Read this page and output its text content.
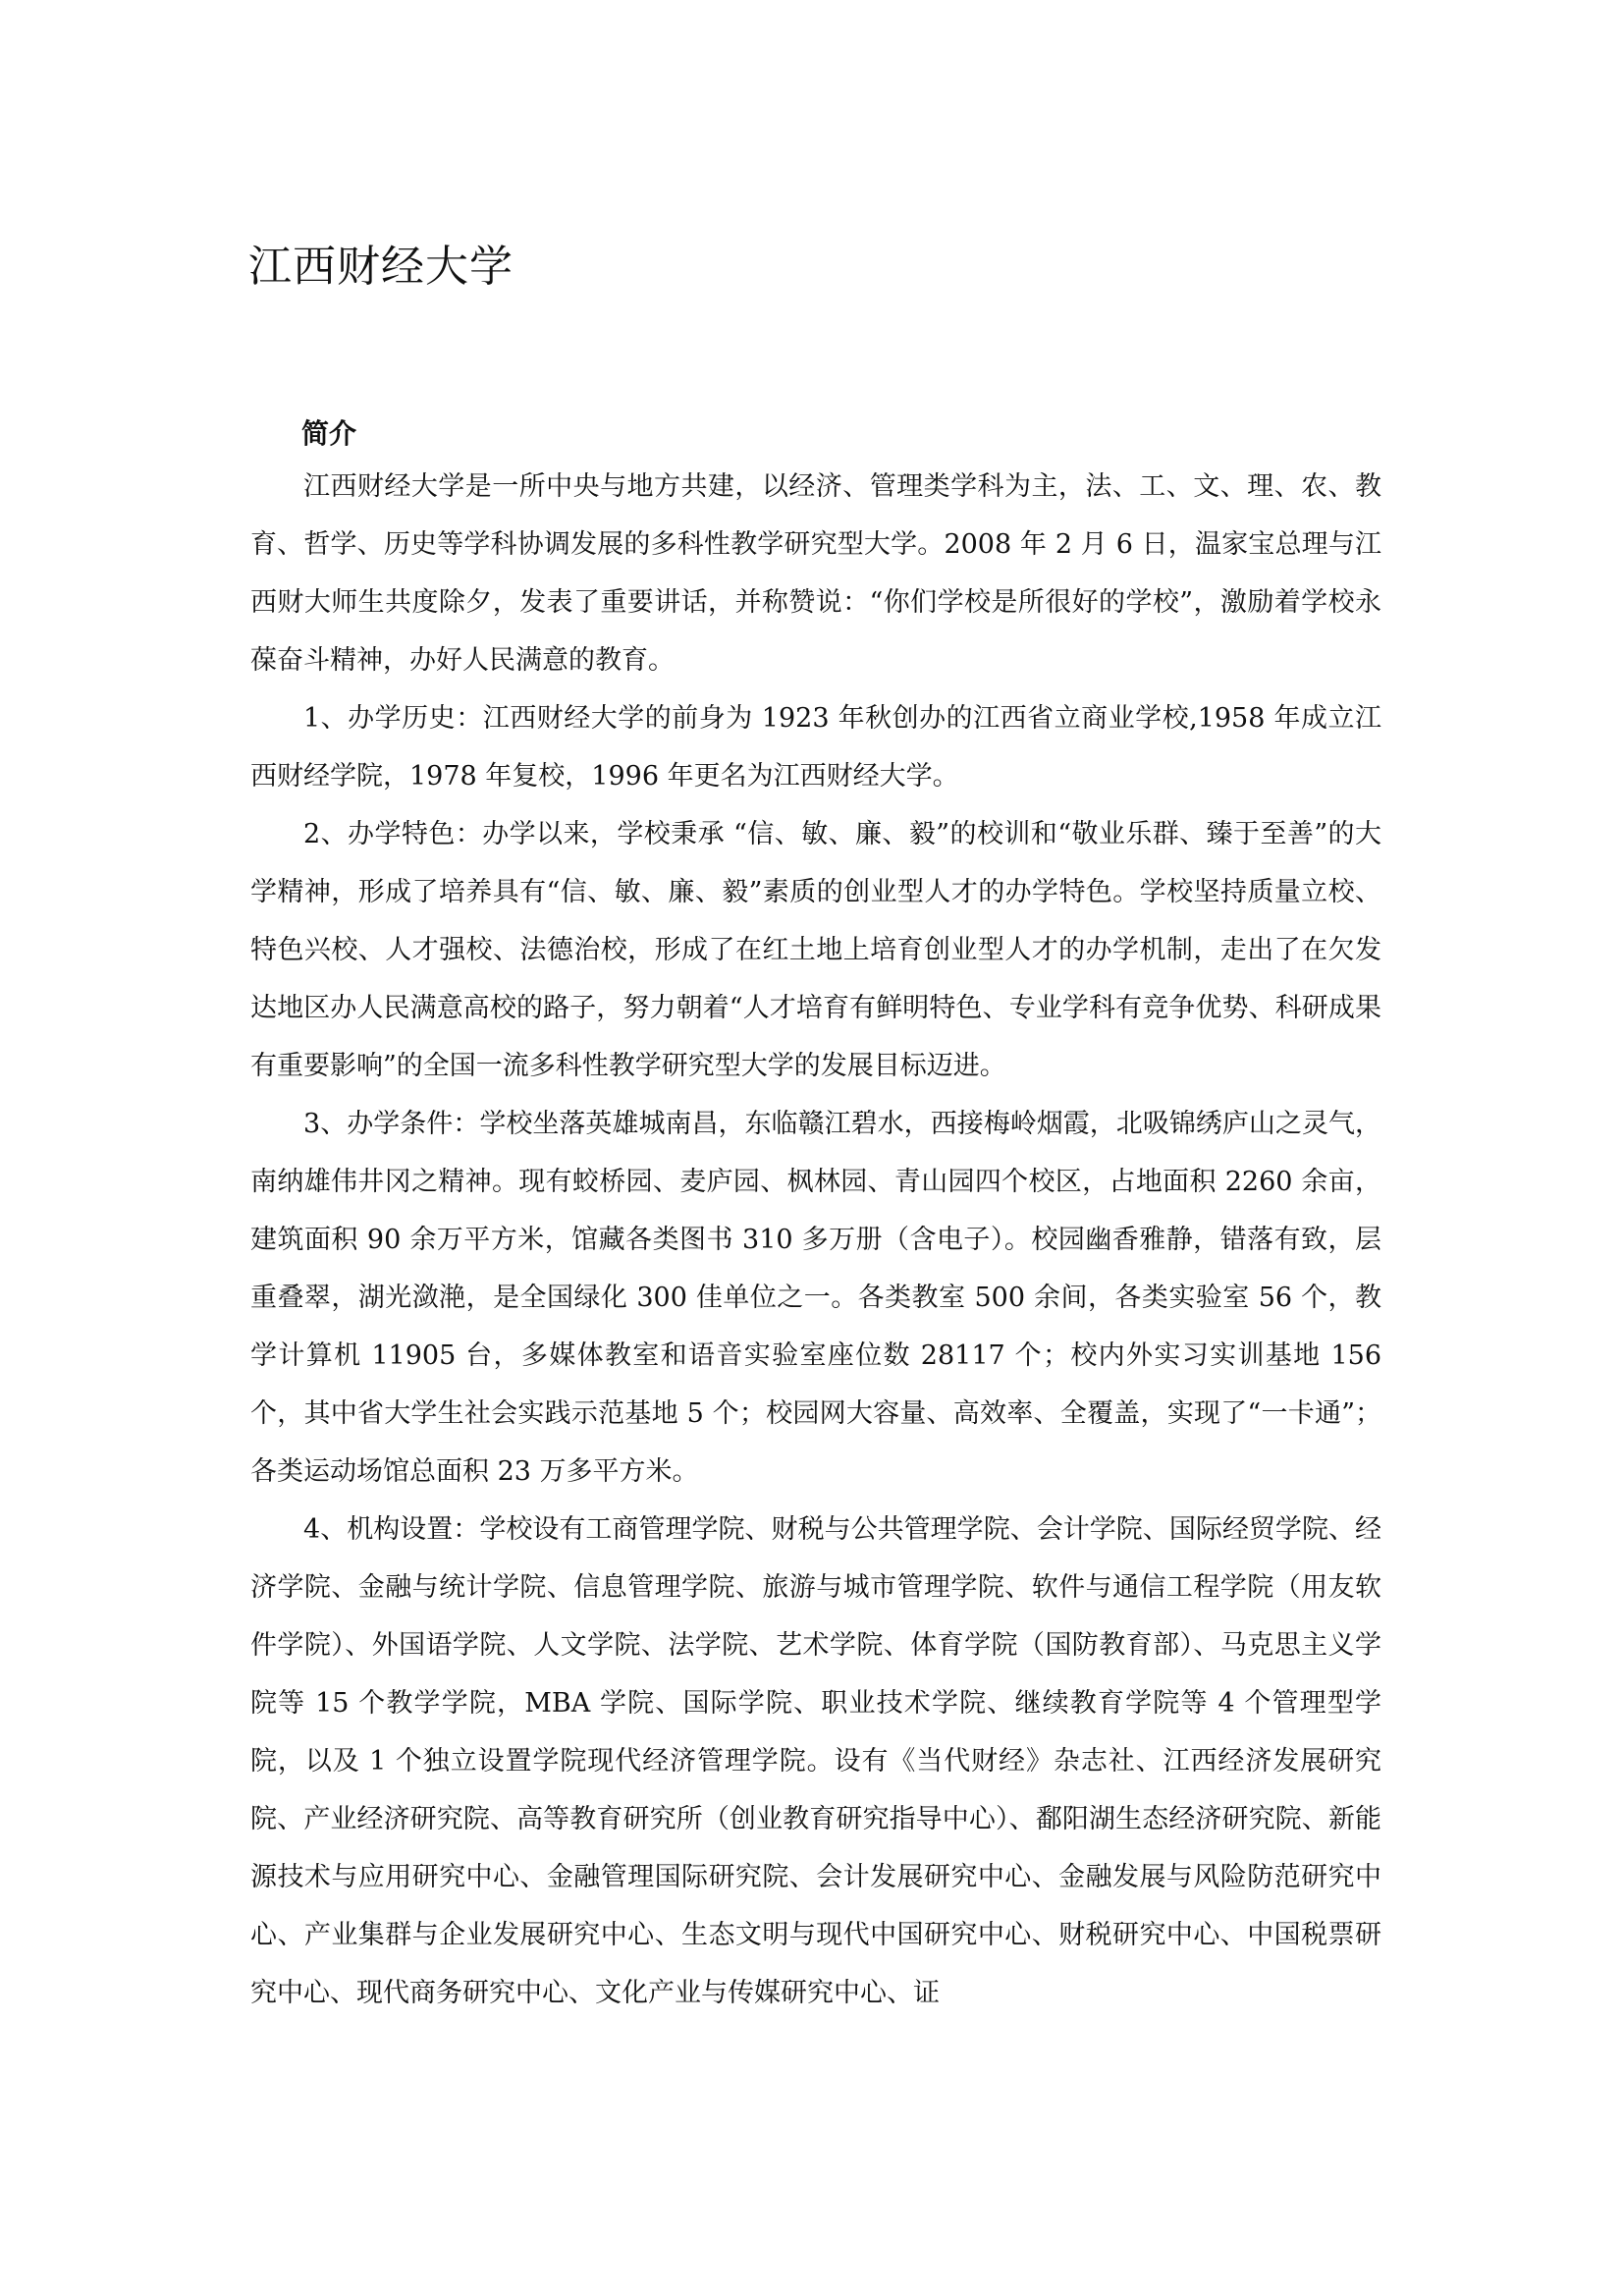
江西财经大学
简介

江西财经大学是一所中央与地方共建，以经济、管理类学科为主，法、工、文、理、农、教育、哲学、历史等学科协调发展的多科性教学研究型大学。2008 年 2 月 6 日，温家宝总理与江西财大师生共度除夕，发表了重要讲话，并称赞说：“你们学校是所很好的学校”，激励着学校永葆奋斗精神，办好人民满意的教育。

1、办学历史：江西财经大学的前身为 1923 年秋创办的江西省立商业学校,1958 年成立江西财经学院，1978 年复校，1996 年更名为江西财经大学。

2、办学特色：办学以来，学校秉承 “信、敏、廉、毅”的校训和“敬业乐群、臻于至善”的大学精神，形成了培养具有“信、敏、廉、毅”素质的创业型人才的办学特色。学校坚持质量立校、特色兴校、人才强校、法德治校，形成了在红土地上培育创业型人才的办学机制，走出了在欠发达地区办人民满意高校的路子，努力朝着“人才培育有鲜明特色、专业学科有竞争优势、科研成果有重要影响”的全国一流多科性教学研究型大学的发展目标迈进。

3、办学条件：学校坐落英雄城南昌，东临赣江碧水，西接梅岭烟霞，北吸锦绣庐山之灵气，南纳雄伟井冈之精神。现有蛟桥园、麦庐园、枫林园、青山园四个校区，占地面积 2260 余亩，建筑面积 90 余万平方米，馆藏各类图书 310 多万册（含电子）。校园幽香雅静，错落有致，层重叠翠，湖光潋滟，是全国绿化 300 佳单位之一。各类教室 500 余间，各类实验室 56 个，教学计算机 11905 台，多媒体教室和语音实验室座位数 28117 个；校内外实习实训基地 156 个，其中省大学生社会实践示范基地 5 个；校园网大容量、高效率、全覆盖，实现了“一卡通”；各类运动场馆总面积 23 万多平方米。

4、机构设置：学校设有工商管理学院、财税与公共管理学院、会计学院、国际经贸学院、经济学院、金融与统计学院、信息管理学院、旅游与城市管理学院、软件与通信工程学院（用友软件学院）、外国语学院、人文学院、法学院、艺术学院、体育学院（国防教育部）、马克思主义学院等 15 个教学学院，MBA 学院、国际学院、职业技术学院、继续教育学院等 4 个管理型学院，以及 1 个独立设置学院现代经济管理学院。设有《当代财经》杂志社、江西经济发展研究院、产业经济研究院、高等教育研究所（创业教育研究指导中心）、鄱阳湖生态经济研究院、新能源技术与应用研究中心、金融管理国际研究院、会计发展研究中心、金融发展与风险防范研究中心、产业集群与企业发展研究中心、生态文明与现代中国研究中心、财税研究中心、中国税票研究中心、现代商务研究中心、文化产业与传媒研究中心、证
